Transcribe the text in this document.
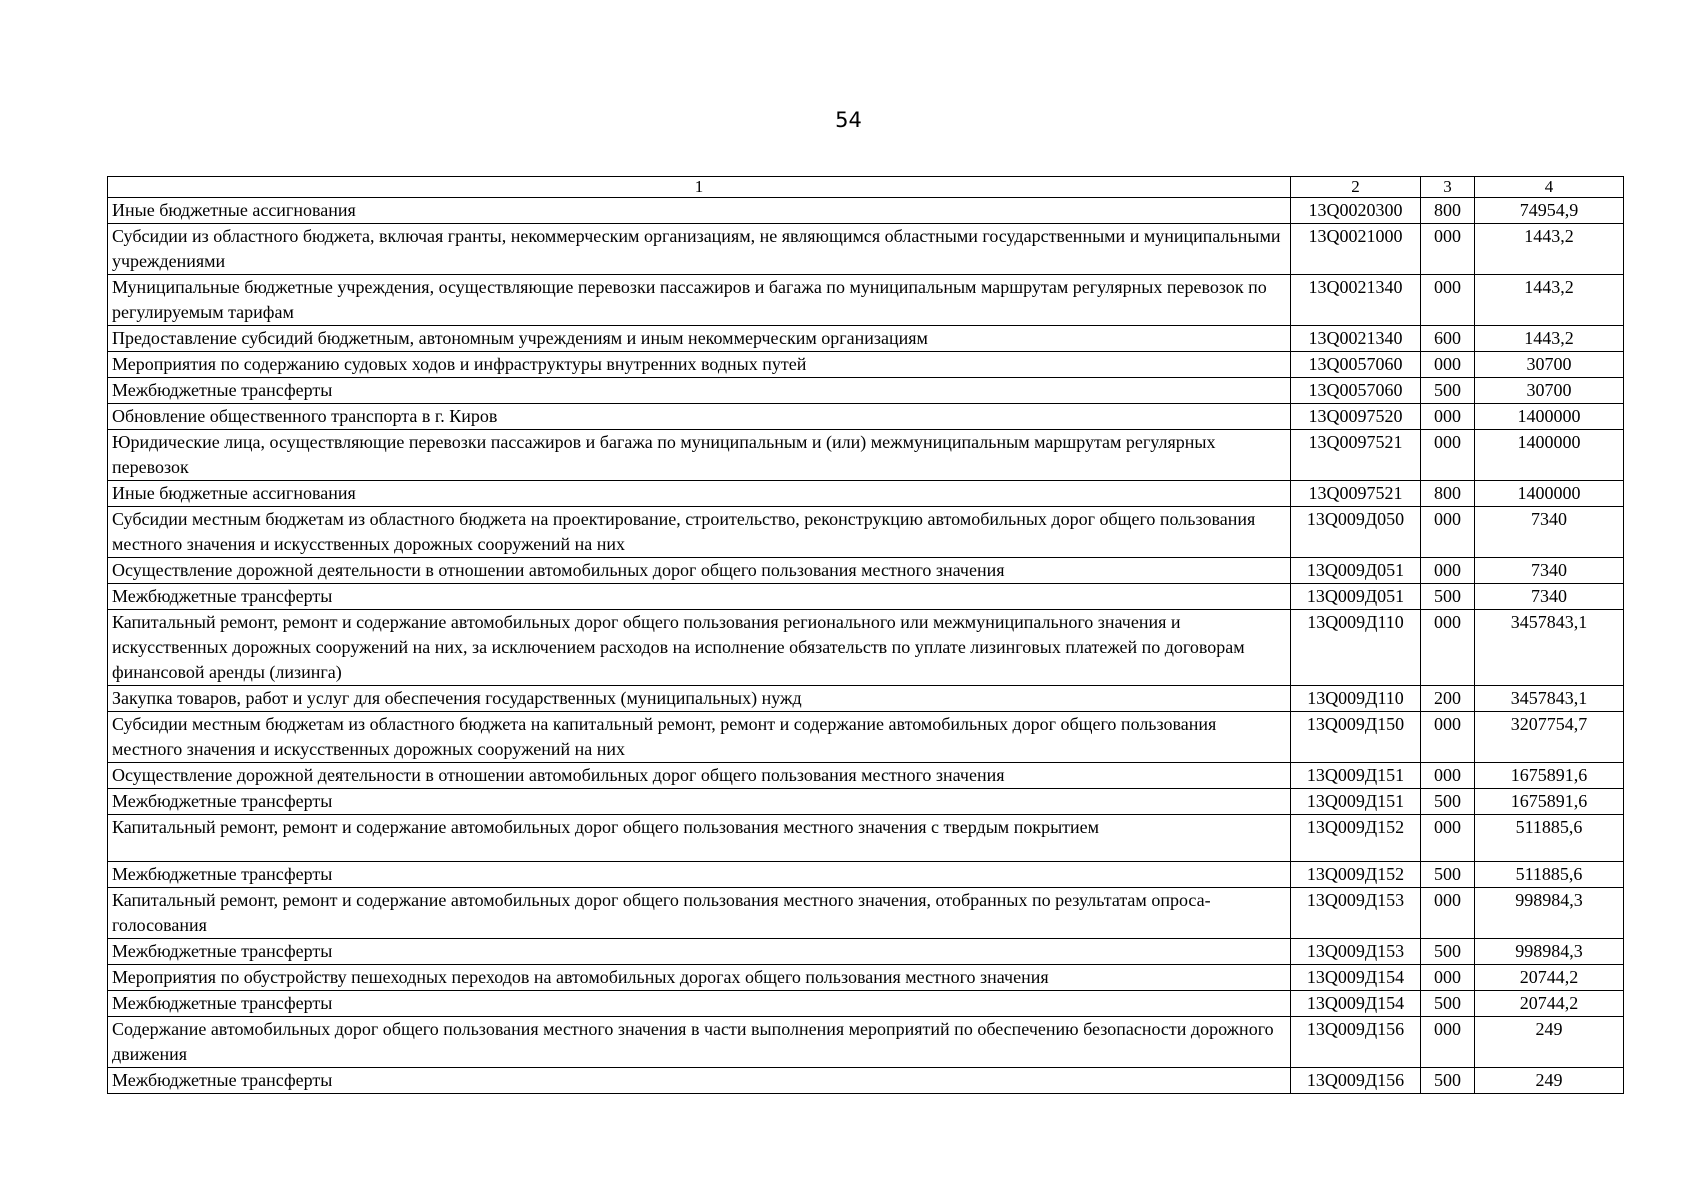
54
1	2	3	4
Иные бюджетные ассигнования	13Q0020300	800	74954,9
Субсидии из областного бюджета, включая гранты, некоммерческим организациям, не являющимся областными государственными и муниципальными учреждениями	13Q0021000	000	1443,2
Муниципальные бюджетные учреждения, осуществляющие перевозки пассажиров и багажа по муниципальным маршрутам регулярных перевозок по регулируемым тарифам	13Q0021340	000	1443,2
Предоставление субсидий бюджетным, автономным учреждениям и иным некоммерческим организациям	13Q0021340	600	1443,2
Мероприятия по содержанию судовых ходов и инфраструктуры внутренних водных путей	13Q0057060	000	30700
Межбюджетные трансферты	13Q0057060	500	30700
Обновление общественного транспорта в г. Киров	13Q0097520	000	1400000
Юридические лица, осуществляющие перевозки пассажиров и багажа по муниципальным и (или) межмуниципальным маршрутам регулярных перевозок	13Q0097521	000	1400000
Иные бюджетные ассигнования	13Q0097521	800	1400000
Субсидии местным бюджетам из областного бюджета на проектирование, строительство, реконструкцию автомобильных дорог общего пользования местного значения и искусственных дорожных сооружений на них	13Q009Д050	000	7340
Осуществление дорожной деятельности в отношении автомобильных дорог общего пользования местного значения	13Q009Д051	000	7340
Межбюджетные трансферты	13Q009Д051	500	7340
Капитальный ремонт, ремонт и содержание автомобильных дорог общего пользования регионального или межмуниципального значения и искусственных дорожных сооружений на них, за исключением расходов на исполнение обязательств по уплате лизинговых платежей по договорам финансовой аренды (лизинга)	13Q009Д110	000	3457843,1
Закупка товаров, работ и услуг для обеспечения государственных (муниципальных) нужд	13Q009Д110	200	3457843,1
Субсидии местным бюджетам из областного бюджета на капитальный ремонт, ремонт и содержание автомобильных дорог общего пользования местного значения и искусственных дорожных сооружений на них	13Q009Д150	000	3207754,7
Осуществление дорожной деятельности в отношении автомобильных дорог общего пользования местного значения	13Q009Д151	000	1675891,6
Межбюджетные трансферты	13Q009Д151	500	1675891,6
Капитальный ремонт, ремонт и содержание автомобильных дорог общего пользования местного значения с твердым покрытием	13Q009Д152	000	511885,6
Межбюджетные трансферты	13Q009Д152	500	511885,6
Капитальный ремонт, ремонт и содержание автомобильных дорог общего пользования местного значения, отобранных по результатам опроса-голосования	13Q009Д153	000	998984,3
Межбюджетные трансферты	13Q009Д153	500	998984,3
Мероприятия по обустройству пешеходных переходов на автомобильных дорогах общего пользования местного значения	13Q009Д154	000	20744,2
Межбюджетные трансферты	13Q009Д154	500	20744,2
Содержание автомобильных дорог общего пользования местного значения в части выполнения мероприятий по обеспечению безопасности дорожного движения	13Q009Д156	000	249
Межбюджетные трансферты	13Q009Д156	500	249
